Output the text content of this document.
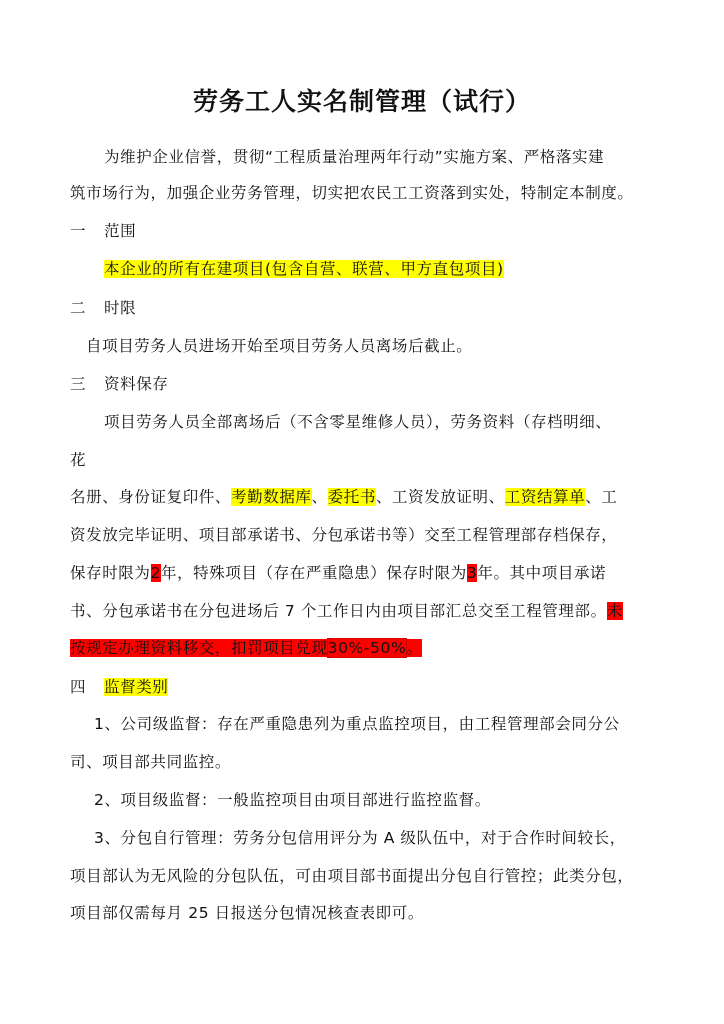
劳务工人实名制管理（试行）
为维护企业信誉，贯彻“工程质量治理两年行动”实施方案、严格落实建
筑市场行为，加强企业劳务管理，切实把农民工工资落到实处，特制定本制度。
一 范围
本企业的所有在建项目(包含自营、联营、甲方直包项目)
二 时限
自项目劳务人员进场开始至项目劳务人员离场后截止。
三 资料保存
项目劳务人员全部离场后（不含零星维修人员），劳务资料（存档明细、
花
名册、身份证复印件、考勤数据库、委托书、工资发放证明、工资结算单、工
资发放完毕证明、项目部承诺书、分包承诺书等）交至工程管理部存档保存，
保存时限为2年，特殊项目（存在严重隐患）保存时限为3年。其中项目承诺
书、分包承诺书在分包进场后 7 个工作日内由项目部汇总交至工程管理部。未
按规定办理资料移交，扣罚项目兑现30%-50%。
四 监督类别
1、公司级监督：存在严重隐患列为重点监控项目，由工程管理部会同分公
司、项目部共同监控。
2、项目级监督：一般监控项目由项目部进行监控监督。
3、分包自行管理：劳务分包信用评分为 A 级队伍中，对于合作时间较长，
项目部认为无风险的分包队伍，可由项目部书面提出分包自行管控；此类分包，
项目部仅需每月 25 日报送分包情况核查表即可。
